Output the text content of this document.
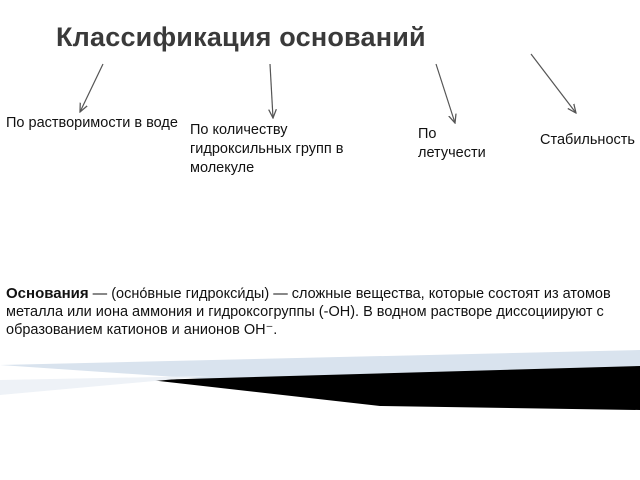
Классификация оснований
По растворимости в воде По количеству гидроксильных групп в молекуле
По летучести
Стабильность
Основания — (осно́вные гидрокси́ды) — сложные вещества, которые состоят из атомов металла или иона аммония и гидроксогруппы (-OH). В водном растворе диссоциируют с образованием катионов и анионов OH⁻.
